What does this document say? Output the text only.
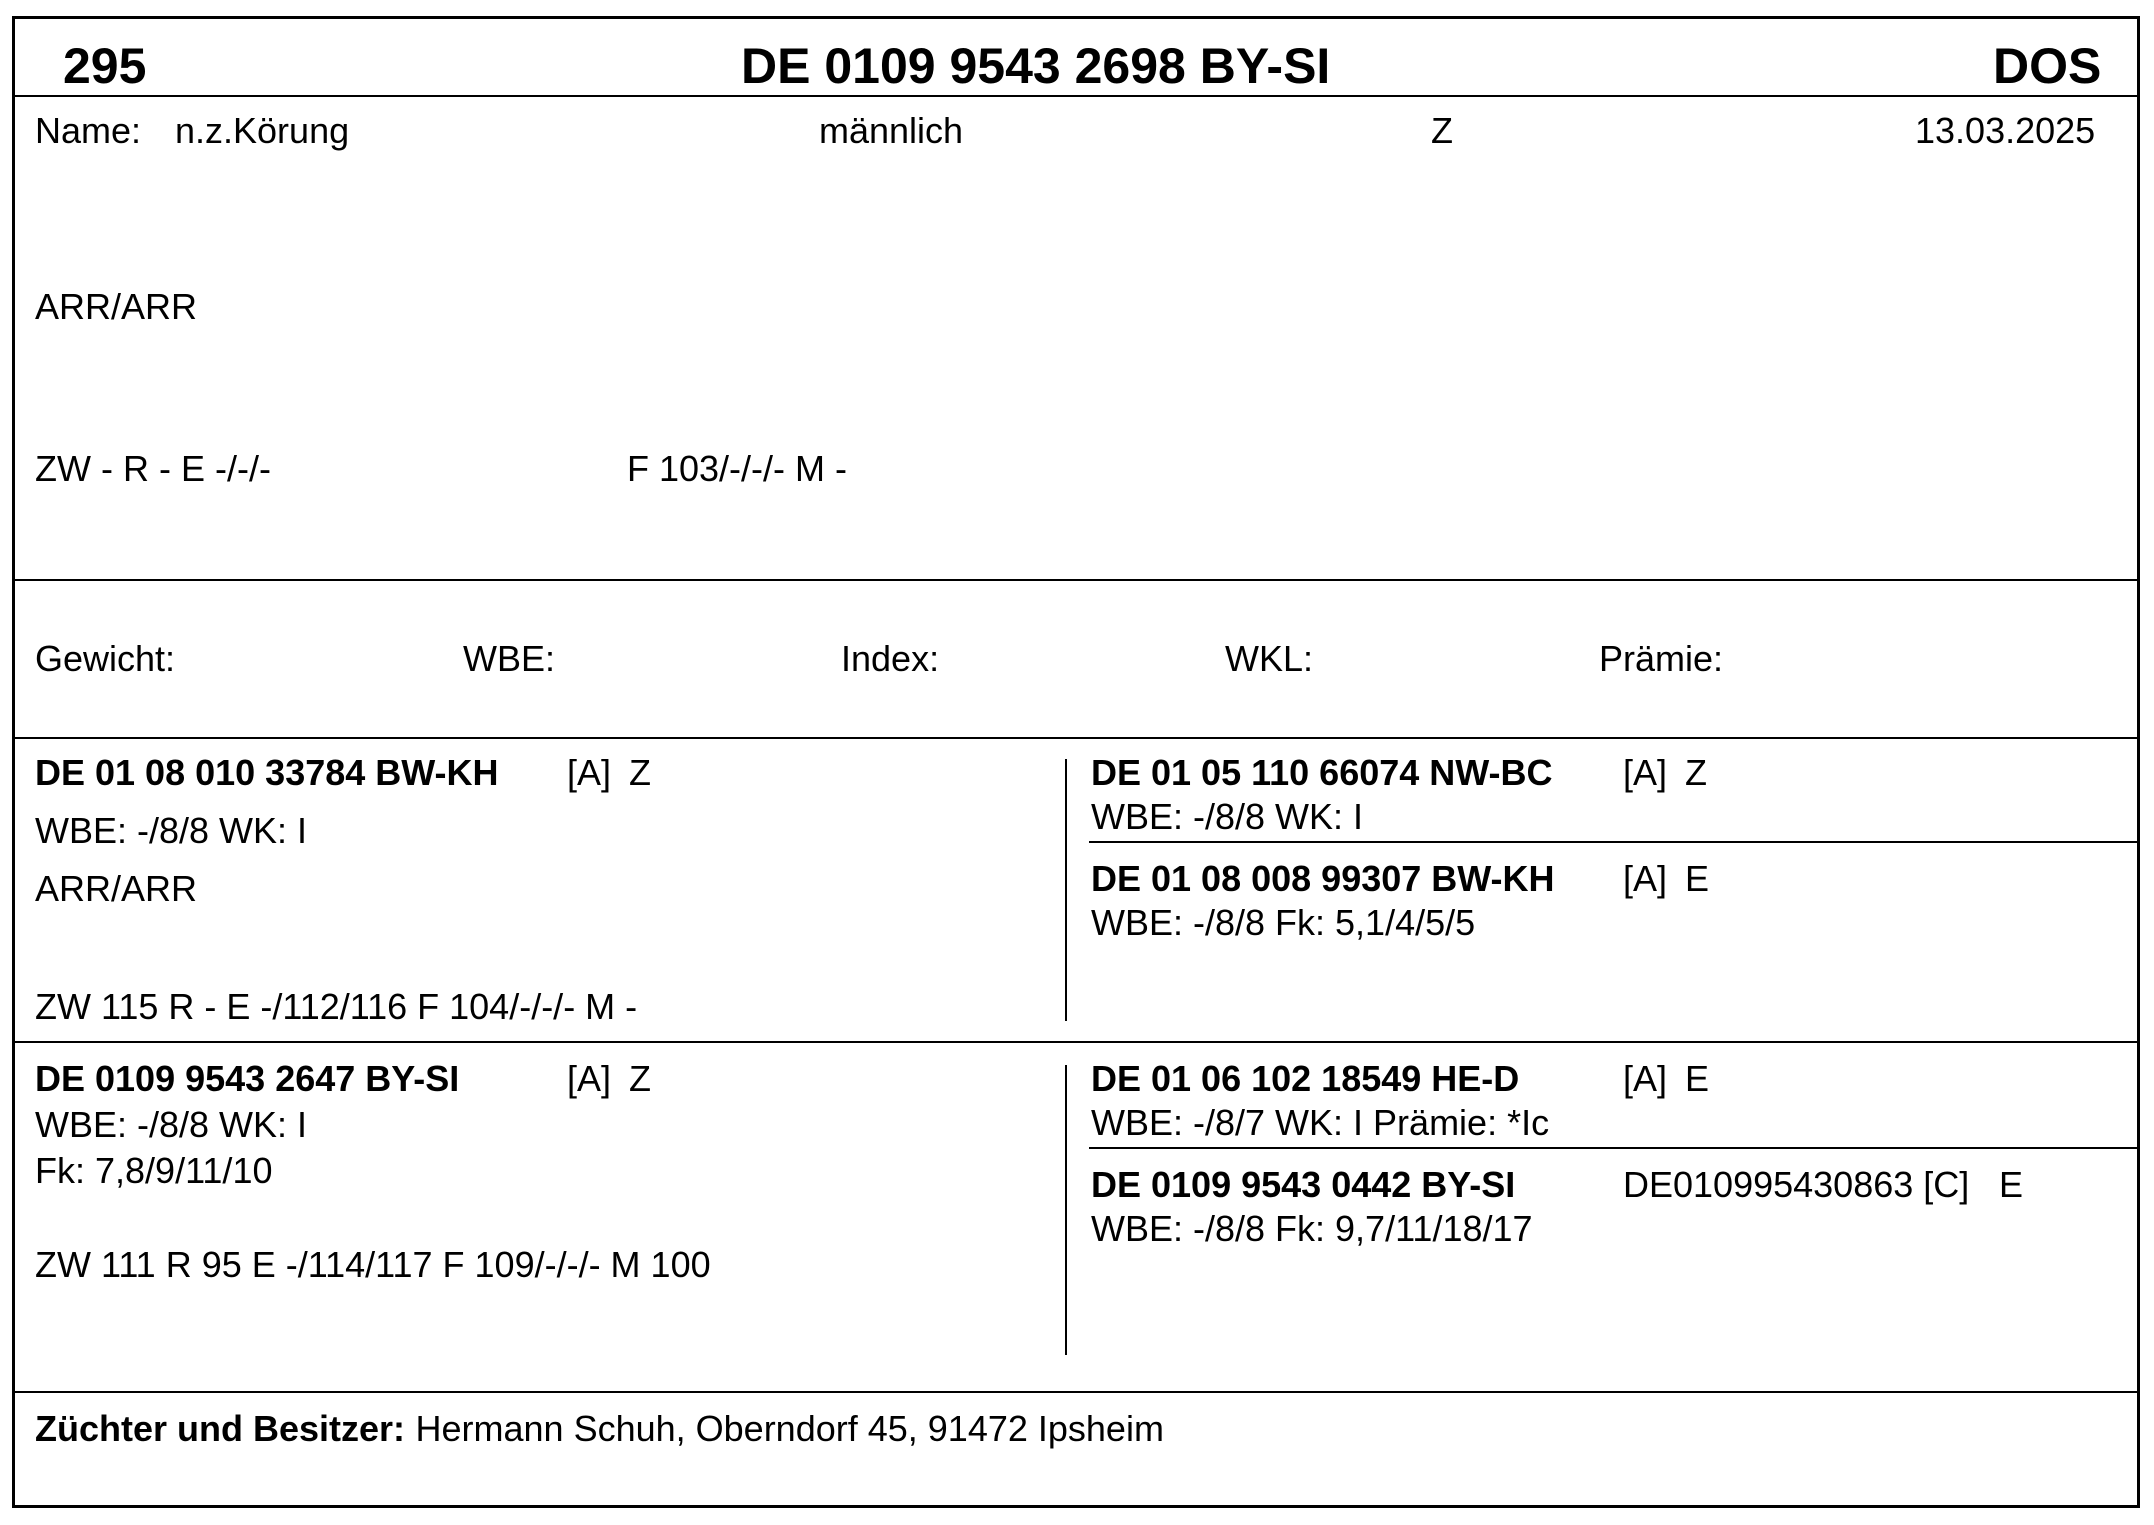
295	DE 0109 9543 2698 BY-SI	DOS
Name: n.z.Körung	männlich	Z	13.03.2025
ARR/ARR
ZW - R - E -/-/-	F 103/-/-/- M -
Gewicht:	WBE:	Index:	WKL:	Prämie:
DE 01 08 010 33784 BW-KH [A] Z
WBE: -/8/8 WK: I
ARR/ARR
ZW 115 R - E -/112/116 F 104/-/-/- M -
DE 01 05 110 66074 NW-BC [A] Z
WBE: -/8/8 WK: I
DE 01 08 008 99307 BW-KH [A] E
WBE: -/8/8 Fk: 5,1/4/5/5
DE 0109 9543 2647 BY-SI	[A] Z
WBE: -/8/8 WK: I
Fk: 7,8/9/11/10
ZW 111 R 95 E -/114/117 F 109/-/-/- M 100
DE 01 06 102 18549 HE-D	[A] E
WBE: -/8/7 WK: I Prämie: *Ic
DE 0109 9543 0442 BY-SI	DE010995430863 [C] E
WBE: -/8/8 Fk: 9,7/11/18/17
Züchter und Besitzer: Hermann Schuh, Oberndorf 45, 91472 Ipsheim
